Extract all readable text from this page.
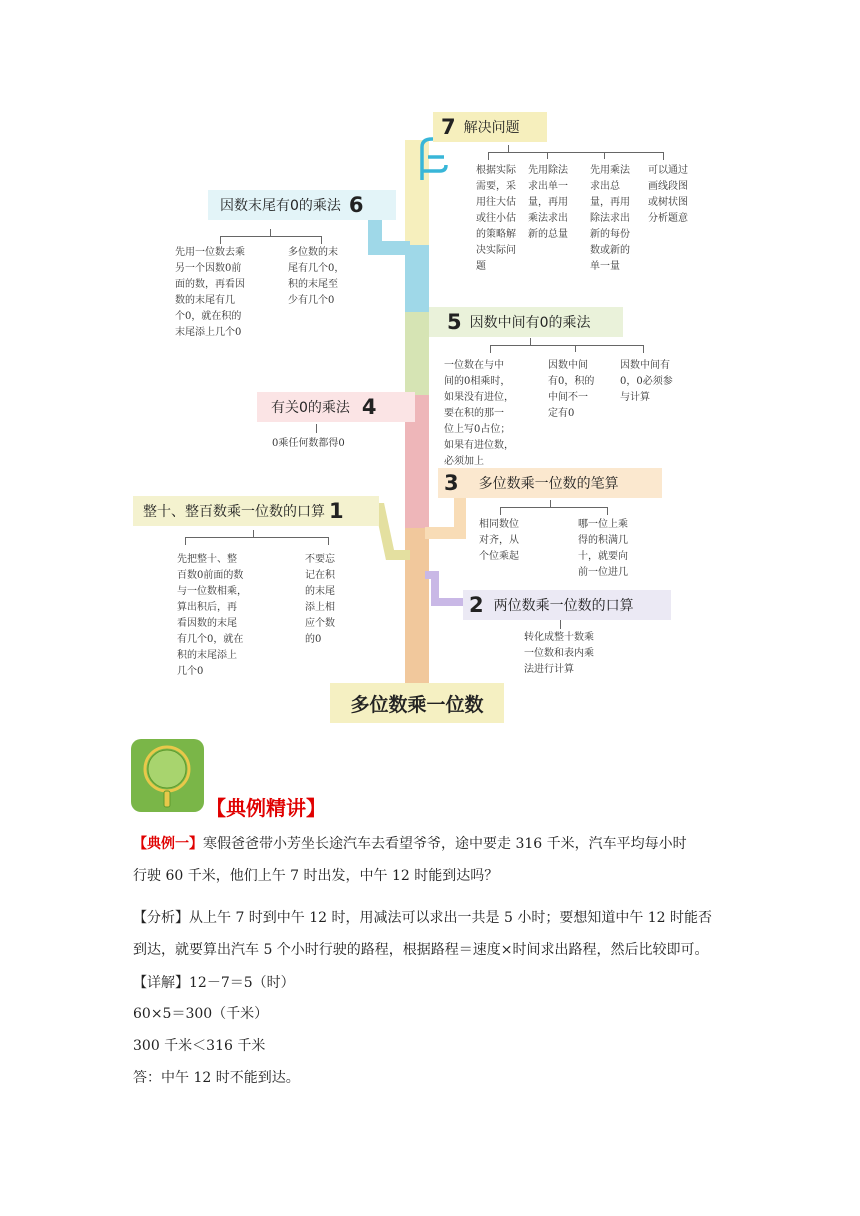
多位数乘一位数
7 解决问题
根据实际需要，采用往大估或往小估的策略解决实际问题
先用除法求出单一量，再用乘法求出新的总量
先用乘法求出总量，再用除法求出新的每份数或新的单一量
可以通过画线段图或树状图分析题意
因数末尾有0的乘法 6
先用一位数去乘
另一个因数0前
面的数，再看因
数的末尾有几
个0，就在积的
末尾添上几个0
多位数的末
尾有几个0，
积的末尾至
少有几个0
5 因数中间有0的乘法
一位数在与中
间的0相乘时，
如果没有进位，
要在积的那一
位上写0占位；
如果有进位数，
必须加上
因数中间
有0，积的
中间不一
定有0
因数中间有
0，0必须参
与计算
有关0的乘法 4
0乘任何数都得0
3 多位数乘一位数的笔算
相同数位
对齐，从
个位乘起
哪一位上乘
得的积满几
十，就要向
前一位进几
整十、整百数乘一位数的口算 1
先把整十、整
百数0前面的数
与一位数相乘，
算出积后，再
看因数的末尾
有几个0，就在
积的末尾添上
几个0
不要忘
记在积
的末尾
添上相
应个数
的0
2 两位数乘一位数的口算
转化成整十数乘
一位数和表内乘
法进行计算
【典例精讲】
【典例一】寒假爸爸带小芳坐长途汽车去看望爷爷，途中要走 316 千米，汽车平均每小时
行驶 60 千米，他们上午 7 时出发，中午 12 时能到达吗？
【分析】从上午 7 时到中午 12 时，用减法可以求出一共是 5 小时；要想知道中午 12 时能否
到达，就要算出汽车 5 个小时行驶的路程，根据路程＝速度×时间求出路程，然后比较即可。
【详解】12－7＝5（时）
60×5＝300（千米）
300 千米＜316 千米
答：中午 12 时不能到达。
